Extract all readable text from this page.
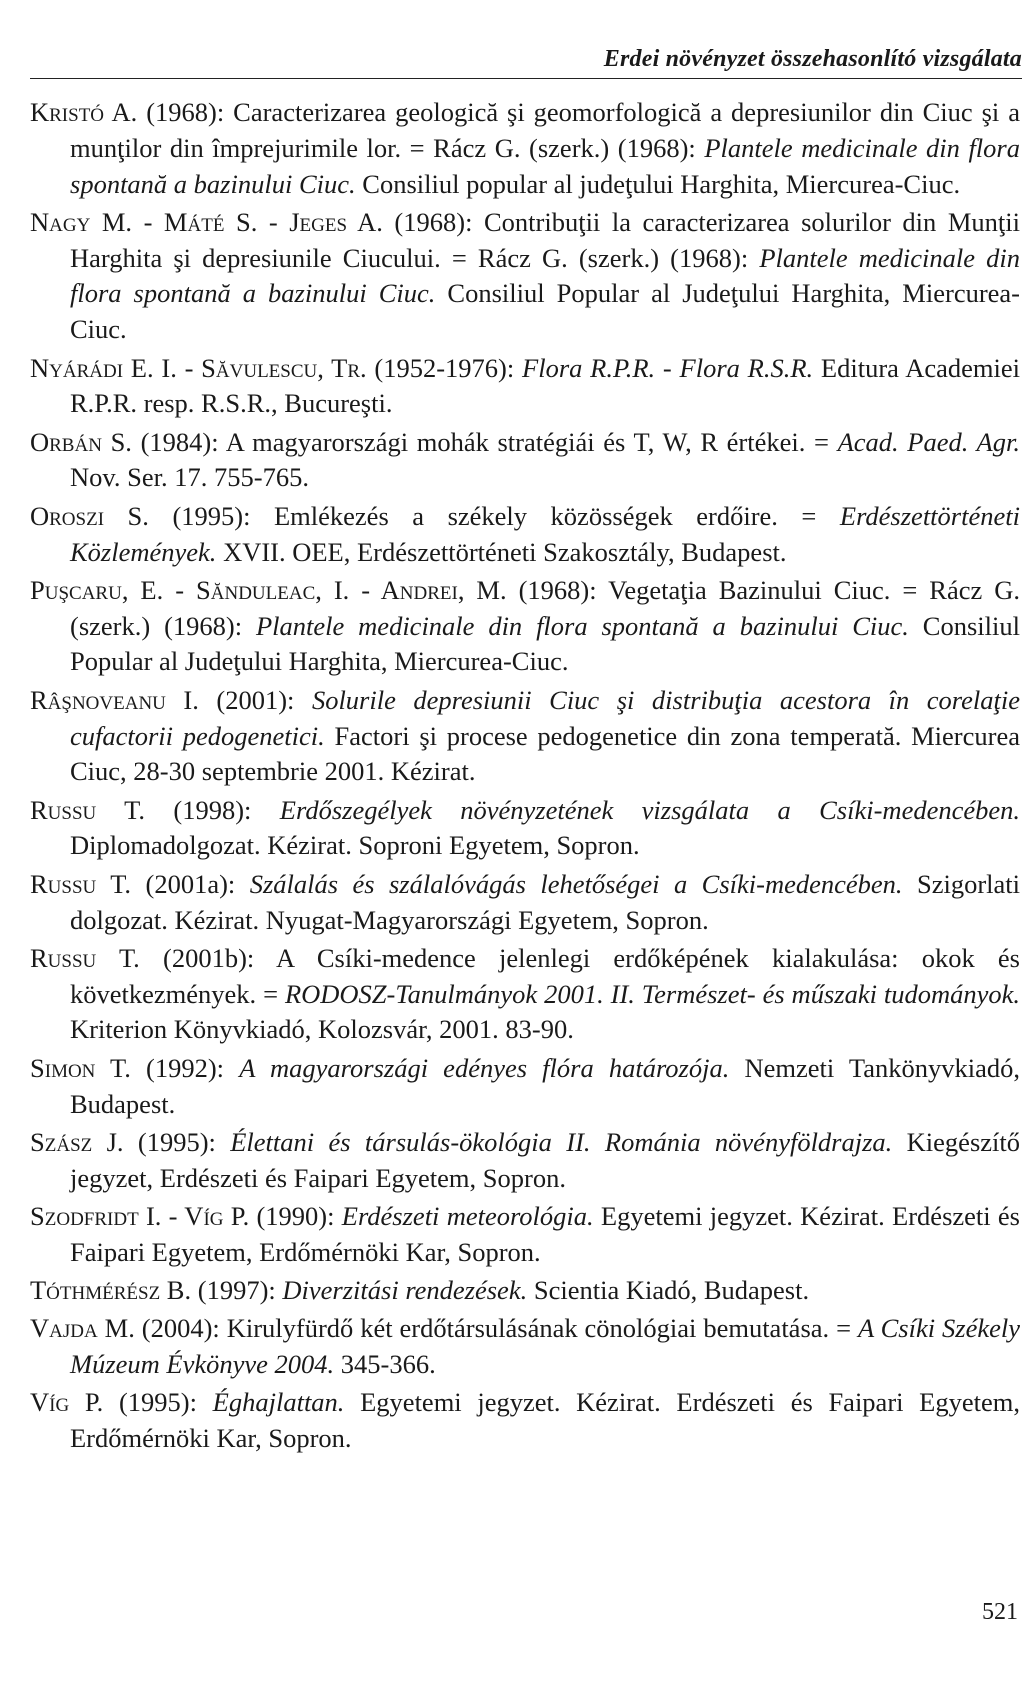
Erdei növényzet összehasonlító vizsgálata

Kristó A. (1968): Caracterizarea geologică şi geomorfologică a depresiunilor din Ciuc şi a munţilor din împrejurimile lor. = Rácz G. (szerk.) (1968): Plantele medicinale din flora spontană a bazinului Ciuc. Consiliul popular al judeţului Harghita, Miercurea-Ciuc.

Nagy M. - Máté S. - Jeges A. (1968): Contribuţii la caracterizarea solurilor din Munţii Harghita şi depresiunile Ciucului. = Rácz G. (szerk.) (1968): Plantele medicinale din flora spontană a bazinului Ciuc. Consiliul Popular al Judeţului Harghita, Miercurea-Ciuc.

Nyárádi E. I. - Săvulescu, Tr. (1952-1976): Flora R.P.R. - Flora R.S.R. Editura Academiei R.P.R. resp. R.S.R., Bucureşti.

Orbán S. (1984): A magyarországi mohák stratégiái és T, W, R értékei. = Acad. Paed. Agr. Nov. Ser. 17. 755-765.

Oroszi S. (1995): Emlékezés a székely közösségek erdőire. = Erdészettörténeti Közlemények. XVII. OEE, Erdészettörténeti Szakosztály, Budapest.

Puşcaru, E. - Sănduleac, I. - Andrei, M. (1968): Vegetaţia Bazinului Ciuc. = Rácz G. (szerk.) (1968): Plantele medicinale din flora spontană a bazinului Ciuc. Consiliul Popular al Judeţului Harghita, Miercurea-Ciuc.

Râşnoveanu I. (2001): Solurile depresiunii Ciuc şi distribuţia acestora în corelaţie cufactorii pedogenetici. Factori şi procese pedogenetice din zona temperată. Miercurea Ciuc, 28-30 septembrie 2001. Kézirat.

Russu T. (1998): Erdőszegélyek növényzetének vizsgálata a Csíki-medencében. Diplomadolgozat. Kézirat. Soproni Egyetem, Sopron.

Russu T. (2001a): Szálalás és szálalóvágás lehetőségei a Csíki-medencében. Szigorlati dolgozat. Kézirat. Nyugat-Magyarországi Egyetem, Sopron.

Russu T. (2001b): A Csíki-medence jelenlegi erdőképének kialakulása: okok és következmények. = RODOSZ-Tanulmányok 2001. II. Természet- és műszaki tudományok. Kriterion Könyvkiadó, Kolozsvár, 2001. 83-90.

Simon T. (1992): A magyarországi edényes flóra határozója. Nemzeti Tankönyvkiadó, Budapest.

Szász J. (1995): Élettani és társulás-ökológia II. Románia növényföldrajza. Kiegészítő jegyzet, Erdészeti és Faipari Egyetem, Sopron.

Szodfridt I. - Víg P. (1990): Erdészeti meteorológia. Egyetemi jegyzet. Kézirat. Erdészeti és Faipari Egyetem, Erdőmérnöki Kar, Sopron.

Tóthmérész B. (1997): Diverzitási rendezések. Scientia Kiadó, Budapest.

Vajda M. (2004): Kirulyfürdő két erdőtársulásának cönológiai bemutatása. = A Csíki Székely Múzeum Évkönyve 2004. 345-366.

Víg P. (1995): Éghajlattan. Egyetemi jegyzet. Kézirat. Erdészeti és Faipari Egyetem, Erdőmérnöki Kar, Sopron.

521
